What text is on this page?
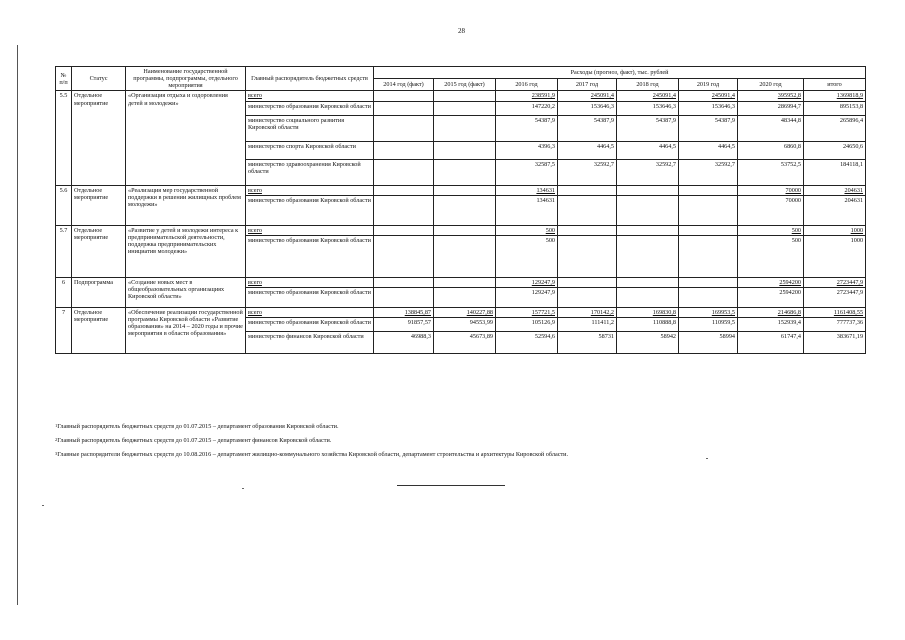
28
№ п/п	Статус	Наименование государственной программы, подпрограммы, отдельного мероприятия	Главный распорядитель бюджетных средств	Расходы (прогноз, факт), тыс. рублей							
				2014 год (факт)	2015 год (факт)	2016 год	2017 год	2018 год	2019 год	2020 год	итого
5.5	Отдельное мероприятие	«Организация отдыха и оздоровления детей и молодежи»	всего			238591,9	245091,4	245091,4	245091,4	395952,8	1369818,9
			министерство образования Кировской области			147220,2	153646,3	153646,3	153646,3	286994,7	895153,8
			министерство социального развития Кировской области			54387,9	54387,9	54387,9	54387,9	48344,8	265896,4
			министерство спорта Кировской области			4396,3	4464,5	4464,5	4464,5	6860,8	24650,6
			министерство здравоохранения Кировской области			32587,5	32592,7	32592,7	32592,7	53752,5	184118,1
5.6	Отдельное мероприятие	«Реализация мер государственной поддержки в решении жилищных проблем молодежи»	всего			134631				70000	204631
			министерство образования Кировской области			134631				70000	204631
5.7	Отдельное мероприятие	«Развитие у детей и молодежи интереса к предпринимательской деятельности, поддержка предпринимательских инициатив молодежи»	всего			500				500	1000
			министерство образования Кировской области			500				500	1000
6	Подпрограмма	«Создание новых мест в общеобразовательных организациях Кировской области»	всего			129247,9				2594200	2723447,9
			министерство образования Кировской области			129247,9				2594200	2723447,9
7	Отдельное мероприятие	«Обеспечение реализации государственной программы Кировской области «Развитие образования» на 2014 – 2020 годы и прочие мероприятия в области образования»	всего	138845,87	140227,88	157721,5	170142,2	169830,8	169953,5	214686,8	1161408,55
			министерство образования Кировской области	91857,57	94553,99	105126,9	111411,2	110888,8	110959,5	152939,4	777737,36
			министерство финансов Кировской области	46988,3	45673,89	52594,6	58731	58942	58994	61747,4	383671,19
$^1$Главный распорядитель бюджетных средств до 01.07.2015 – департамент образования Кировской области.
$^2$Главный распорядитель бюджетных средств до 01.07.2015 – департамент финансов Кировской области.
$^3$Главные распорядители бюджетных средств до 10.08.2016 – департамент жилищно-коммунального хозяйства Кировской области, департамент строительства и архитектуры Кировской области.
